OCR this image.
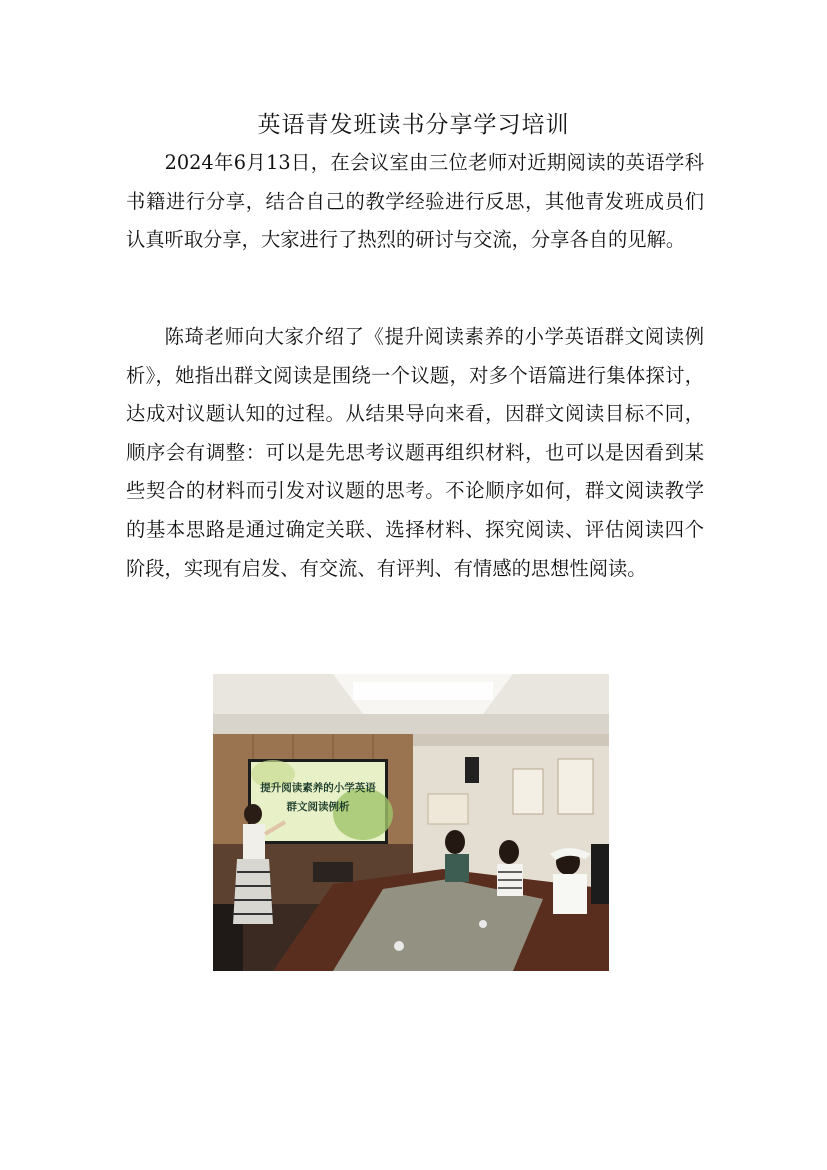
英语青发班读书分享学习培训

2024年6月13日，在会议室由三位老师对近期阅读的英语学科书籍进行分享，结合自己的教学经验进行反思，其他青发班成员们认真听取分享，大家进行了热烈的研讨与交流，分享各自的见解。

陈琦老师向大家介绍了《提升阅读素养的小学英语群文阅读例析》，她指出群文阅读是围绕一个议题，对多个语篇进行集体探讨，达成对议题认知的过程。从结果导向来看，因群文阅读目标不同，顺序会有调整：可以是先思考议题再组织材料，也可以是因看到某些契合的材料而引发对议题的思考。不论顺序如何，群文阅读教学的基本思路是通过确定关联、选择材料、探究阅读、评估阅读四个阶段，实现有启发、有交流、有评判、有情感的思想性阅读。

提升阅读素养的小学英语
群文阅读例析
